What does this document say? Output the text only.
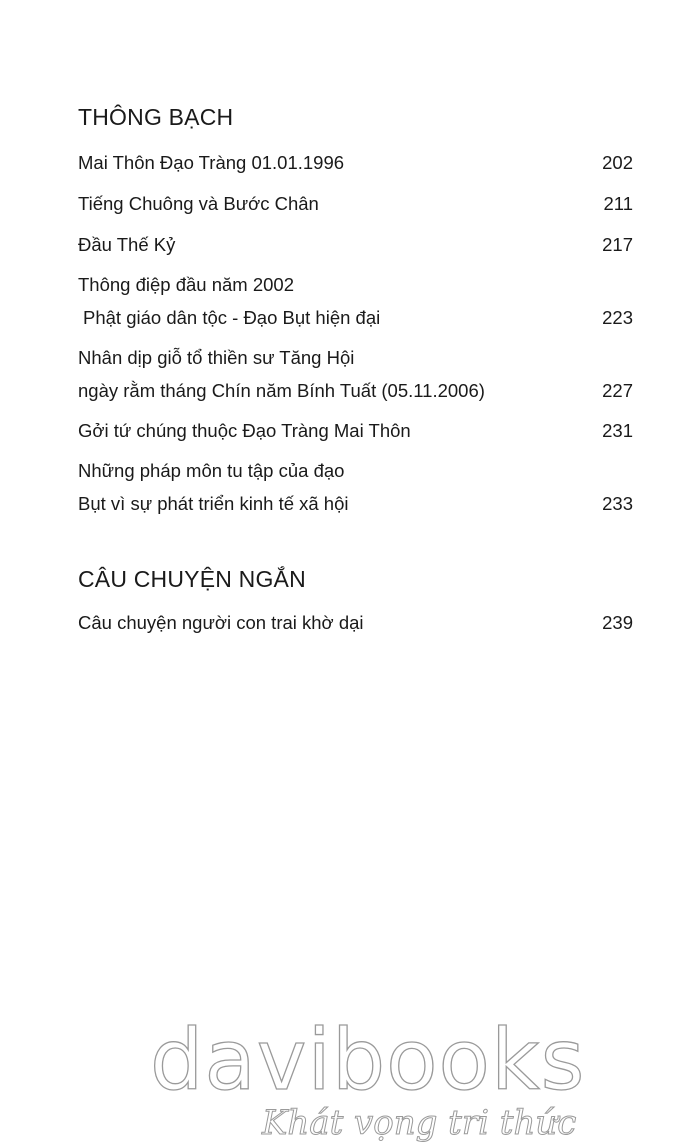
THÔNG BẠCH
Mai Thôn Đạo Tràng 01.01.1996	202
Tiếng Chuông và Bước Chân	211
Đầu Thế Kỷ	217
Thông điệp đầu năm 2002
Phật giáo dân tộc - Đạo Bụt hiện đại	223
Nhân dịp giỗ tổ thiền sư Tăng Hội
ngày rằm tháng Chín năm Bính Tuất (05.11.2006)	227
Gởi tứ chúng thuộc Đạo Tràng Mai Thôn	231
Những pháp môn tu tập của đạo
Bụt vì sự phát triển kinh tế xã hội	233
CÂU CHUYỆN NGẮN
Câu chuyện người con trai khờ dại	239
davibooks
Khát vọng tri thức
